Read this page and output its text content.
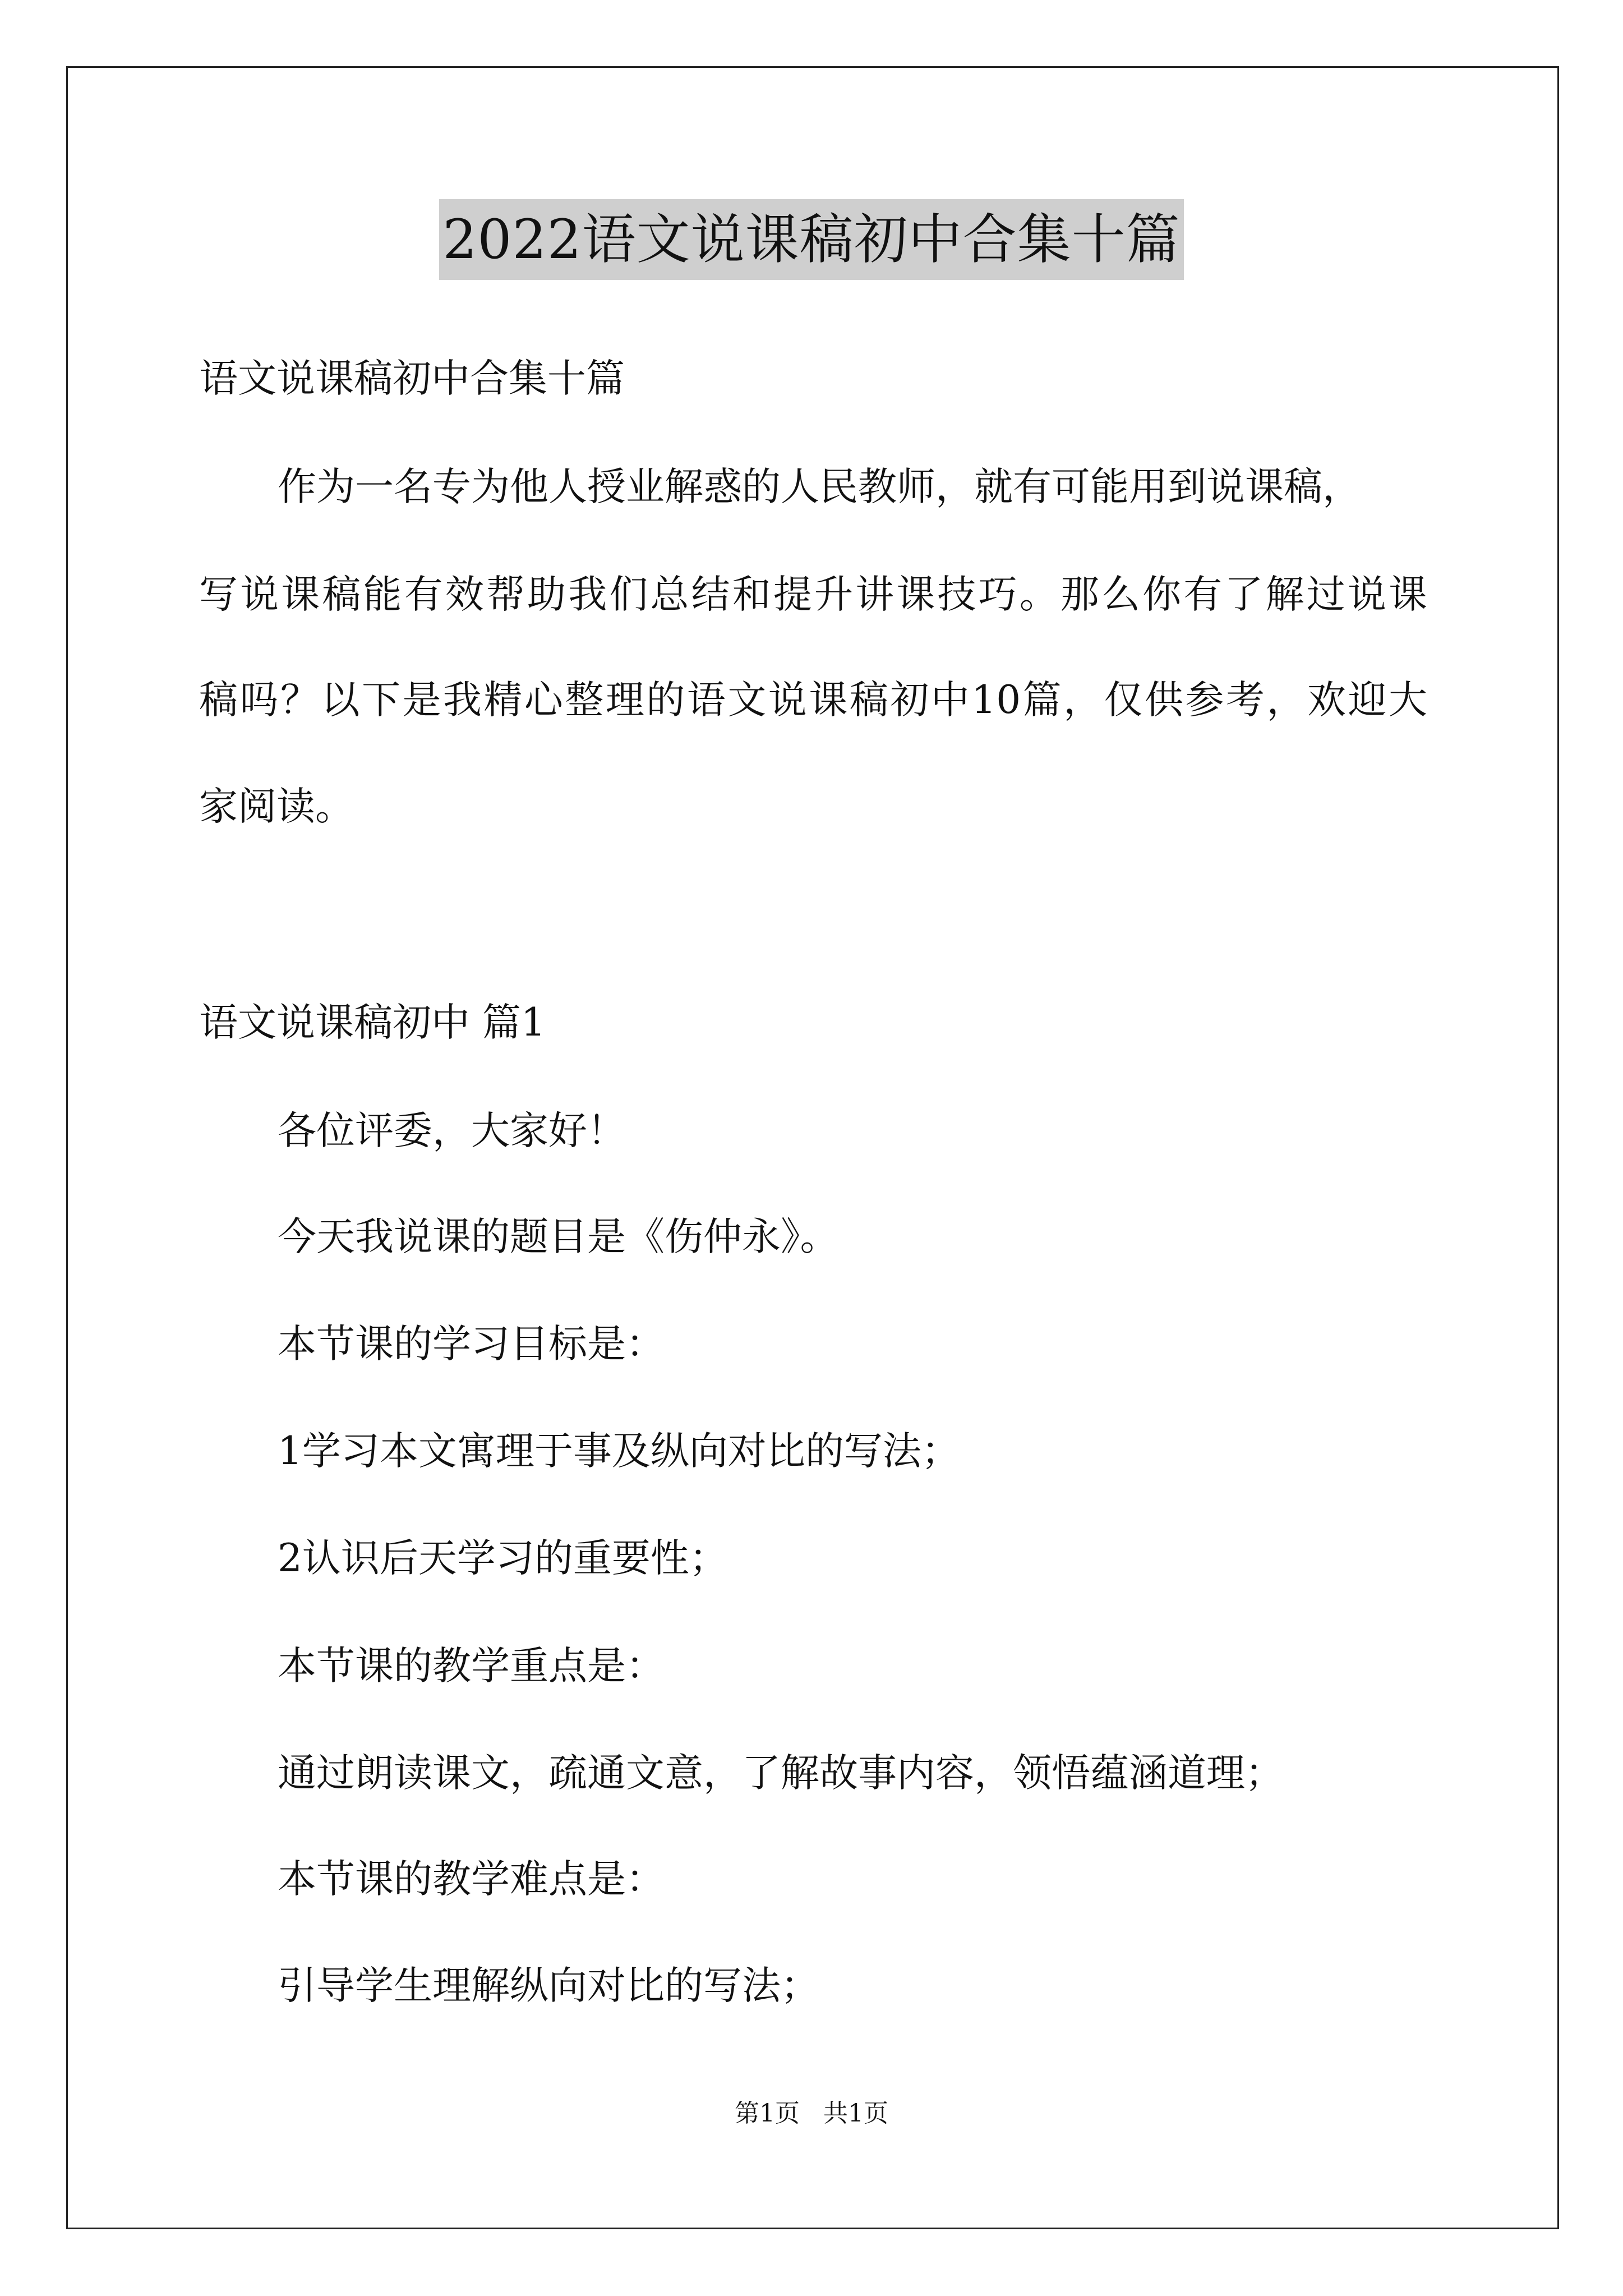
2022语文说课稿初中合集十篇
语文说课稿初中合集十篇
作为一名专为他人授业解惑的人民教师，就有可能用到说课稿，
写说课稿能有效帮助我们总结和提升讲课技巧。那么你有了解过说课
稿吗？以下是我精心整理的语文说课稿初中10篇，仅供参考，欢迎大
家阅读。
语文说课稿初中 篇1
各位评委，大家好！
今天我说课的题目是《伤仲永》。
本节课的学习目标是：
1学习本文寓理于事及纵向对比的写法；
2认识后天学习的重要性；
本节课的教学重点是：
通过朗读课文，疏通文意，了解故事内容，领悟蕴涵道理；
本节课的教学难点是：
引导学生理解纵向对比的写法；
第1页   共1页
